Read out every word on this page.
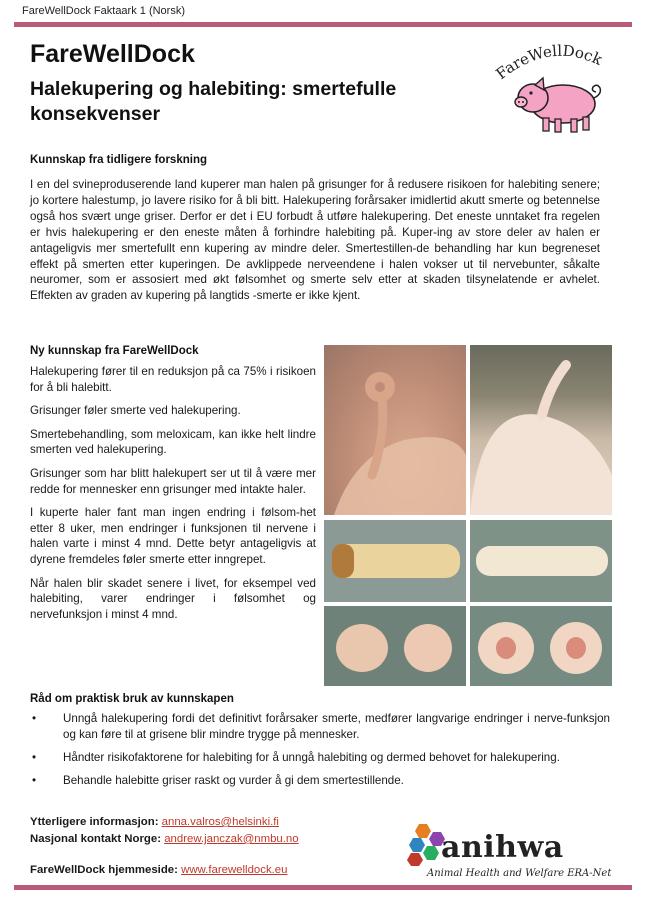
FareWellDock Faktaark 1 (Norsk)
FareWellDock
Halekupering og halebiting: smertefulle konsekvenser
areWellDock
Kunnskap fra tidligere forskning

I en del svineproduserende land kuperer man halen på grisunger for å redusere risikoen for halebiting senere; jo kortere halestump, jo lavere risiko for å bli bitt. Halekupering forårsaker imidlertid akutt smerte og betennelse også hos svært unge griser. Derfor er det i EU forbudt å utføre halekupering. Det eneste unntaket fra regelen er hvis halekupering er den eneste måten å forhindre halebiting på. Kuper-ing av store deler av halen er antageligvis mer smertefullt enn kupering av mindre deler. Smertestillen-de behandling har kun begreneset effekt på smerten etter kuperingen. De avklippede nerveendene i halen vokser ut til nervebunter, såkalte neuromer, som er assosiert med økt følsomhet og smerte selv etter at skaden tilsynelatende er avhelet. Effekten av graden av kupering på langtids -smerte er ikke kjent.

Ny kunnskap fra FareWellDock

Halekupering fører til en reduksjon på ca 75% i risikoen for å bli halebitt.

Grisunger føler smerte ved halekupering.

Smertebehandling, som meloxicam, kan ikke helt lindre smerten ved halekupering.

Grisunger som har blitt halekupert ser ut til å være mer redde for mennesker enn grisunger med intakte haler.

I kuperte haler fant man ingen endring i følsom-het etter 8 uker, men endringer i funksjonen til nervene i halen varte i minst 4 mnd. Dette betyr antageligvis at dyrene fremdeles føler smerte etter inngrepet.

Når halen blir skadet senere i livet, for eksempel ved halebiting, varer endringer i følsomhet og nervefunksjon i minst 4 mnd.

Råd om praktisk bruk av kunnskapen
• Unngå halekupering fordi det definitivt forårsaker smerte, medfører langvarige endringer i nerve-funksjon og kan føre til at grisene blir mindre trygge på mennesker.
• Håndter risikofaktorene for halebiting for å unngå halebiting og dermed behovet for halekupering.
• Behandle halebitte griser raskt og vurder å gi dem smertestillende.
Ytterligere informasjon: anna.valros@helsinki.fi
Nasjonal kontakt Norge: andrew.janczak@nmbu.no
FareWellDock hjemmeside: www.farewelldock.eu
anihwa
Animal Health and Welfare ERA-Net
